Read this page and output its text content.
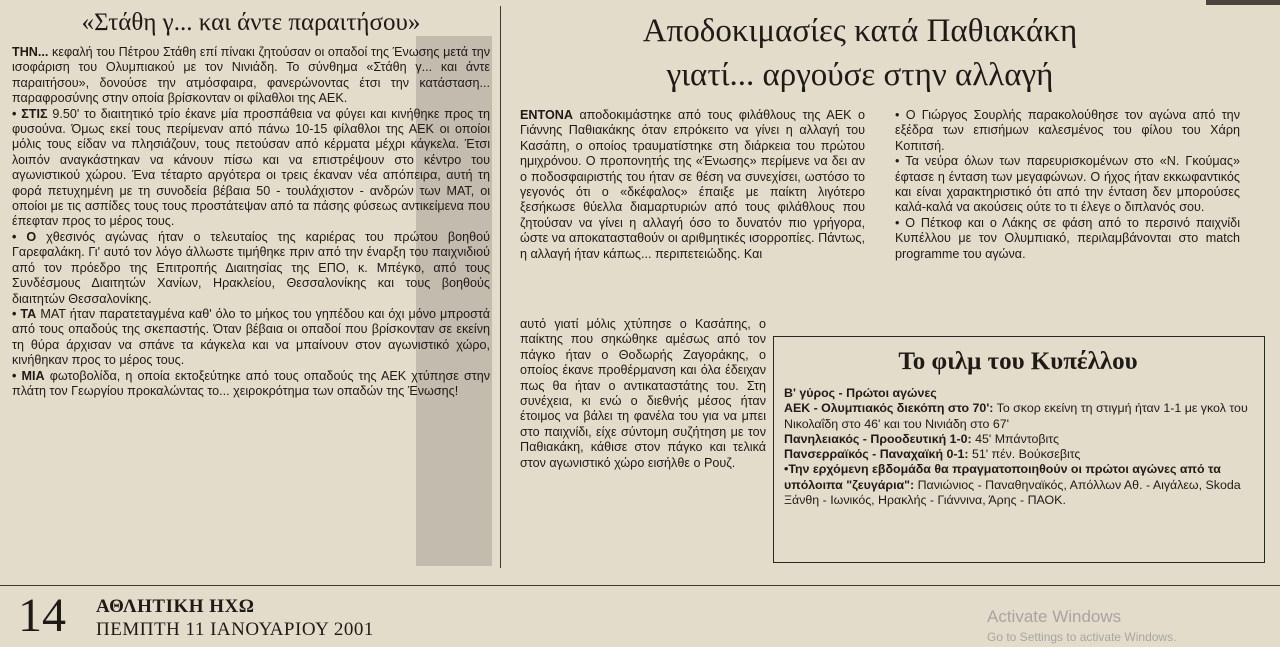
«Στάθη γ... και άντε παραιτήσου»

ΤΗΝ... κεφαλή του Πέτρου Στάθη επί πίνακι ζητούσαν οι οπαδοί της Ένωσης μετά την ισοφάριση του Ολυμπιακού με τον Νινιάδη. Το σύνθημα «Στάθη γ... και άντε παραιτήσου», δονούσε την ατμόσφαιρα, φανερώνοντας έτσι την κατάσταση... παραφροσύνης στην οποία βρίσκονταν οι φίλαθλοι της ΑΕΚ.

• ΣΤΙΣ 9.50' το διαιτητικό τρίο έκανε μία προσπάθεια να φύγει και κινήθηκε προς τη φυσούνα. Όμως εκεί τους περίμεναν από πάνω 10-15 φίλαθλοι της ΑΕΚ οι οποίοι μόλις τους είδαν να πλησιάζουν, τους πετούσαν από κέρματα μέχρι κάγκελα. Έτσι λοιπόν αναγκάστηκαν να κάνουν πίσω και να επιστρέψουν στο κέντρο του αγωνιστικού χώρου. Ένα τέταρτο αργότερα οι τρεις έκαναν νέα απόπειρα, αυτή τη φορά πετυχημένη με τη συνοδεία βέβαια 50 - τουλάχιστον - ανδρών των ΜΑΤ, οι οποίοι με τις ασπίδες τους τους προστάτεψαν από τα πάσης φύσεως αντικείμενα που έπεφταν προς το μέρος τους.

• Ο χθεσινός αγώνας ήταν ο τελευταίος της καριέρας του πρώτου βοηθού Γαρεφαλάκη. Γι' αυτό τον λόγο άλλωστε τιμήθηκε πριν από την έναρξη του παιχνιδιού από τον πρόεδρο της Επιτροπής Διαιτησίας της ΕΠΟ, κ. Μπέγκο, από τους Συνδέσμους Διαιτητών Χανίων, Ηρακλείου, Θεσσαλονίκης και τους βοηθούς διαιτητών Θεσσαλονίκης.

• ΤΑ ΜΑΤ ήταν παρατεταγμένα καθ' όλο το μήκος του γηπέδου και όχι μόνο μπροστά από τους οπαδούς της σκεπαστής. Όταν βέβαια οι οπαδοί που βρίσκονταν σε εκείνη τη θύρα άρχισαν να σπάνε τα κάγκελα και να μπαίνουν στον αγωνιστικό χώρο, κινήθηκαν προς το μέρος τους.

• ΜΙΑ φωτοβολίδα, η οποία εκτοξεύτηκε από τους οπαδούς της ΑΕΚ χτύπησε στην πλάτη τον Γεωργίου προκαλώντας το... χειροκρότημα των οπαδών της Ένωσης!

Αποδοκιμασίες κατά Παθιακάκη
γιατί... αργούσε στην αλλαγή

ΕΝΤΟΝΑ αποδοκιμάστηκε από τους φιλάθλους της ΑΕΚ ο Γιάννης Παθιακάκης όταν επρόκειτο να γίνει η αλλαγή του Κασάπη, ο οποίος τραυματίστηκε στη διάρκεια του πρώτου ημιχρόνου. Ο προπονητής της «Ένωσης» περίμενε να δει αν ο ποδοσφαιριστής του ήταν σε θέση να συνεχίσει, ωστόσο το γεγονός ότι ο «δκέφαλος» έπαιξε με παίκτη λιγότερο ξεσήκωσε θύελλα διαμαρτυριών από τους φιλάθλους που ζητούσαν να γίνει η αλλαγή όσο το δυνατόν πιο γρήγορα, ώστε να αποκατασταθούν οι αριθμητικές ισορροπίες. Πάντως, η αλλαγή ήταν κάπως... περιπετειώδης. Και

αυτό γιατί μόλις χτύπησε ο Κασάπης, ο παίκτης που σηκώθηκε αμέσως από τον πάγκο ήταν ο Θοδωρής Ζαγοράκης, ο οποίος έκανε προθέρμανση και όλα έδειχαν πως θα ήταν ο αντικαταστάτης του. Στη συνέχεια, κι ενώ ο διεθνής μέσος ήταν έτοιμος να βάλει τη φανέλα του για να μπει στο παιχνίδι, είχε σύντομη συζήτηση με τον Παθιακάκη, κάθισε στον πάγκο και τελικά στον αγωνιστικό χώρο εισήλθε ο Ρουζ.

• Ο Γιώργος Σουρλής παρακολούθησε τον αγώνα από την εξέδρα των επισήμων καλεσμένος του φίλου του Χάρη Κοπιτσή.

• Τα νεύρα όλων των παρευρισκομένων στο «Ν. Γκούμας» έφτασε η ένταση των μεγαφώνων. Ο ήχος ήταν εκκωφαντικός και είναι χαρακτηριστικό ότι από την ένταση δεν μπορούσες καλά-καλά να ακούσεις ούτε το τι έλεγε ο διπλανός σου.

• Ο Πέτκοφ και ο Λάκης σε φάση από το περσινό παιχνίδι Κυπέλλου με τον Ολυμπιακό, περιλαμβάνονται στο match programme του αγώνα.

Το φιλμ του Κυπέλλου

Β' γύρος - Πρώτοι αγώνες

ΑΕΚ - Ολυμπιακός διεκόπη στο 70': Το σκορ εκείνη τη στιγμή ήταν 1-1 με γκολ του Νικολαΐδη στο 46' και του Νινιάδη στο 67'

Πανηλειακός - Προοδευτική 1-0: 45' Μπάντοβιτς

Πανσερραϊκός - Παναχαϊκή 0-1: 51' πέν. Βούκσεβιτς

•Την ερχόμενη εβδομάδα θα πραγματοποιηθούν οι πρώτοι αγώνες από τα υπόλοιπα "ζευγάρια": Πανιώνιος - Παναθηναϊκός, Απόλλων Αθ. - Αιγάλεω, Skoda Ξάνθη - Ιωνικός, Ηρακλής - Γιάννινα, Άρης - ΠΑΟΚ.

14 ΑΘΛΗΤΙΚΗ ΗΧΩ
ΠΕΜΠΤΗ 11 ΙΑΝΟΥΑΡΙΟΥ 2001
Activate Windows
Go to Settings to activate Windows.
